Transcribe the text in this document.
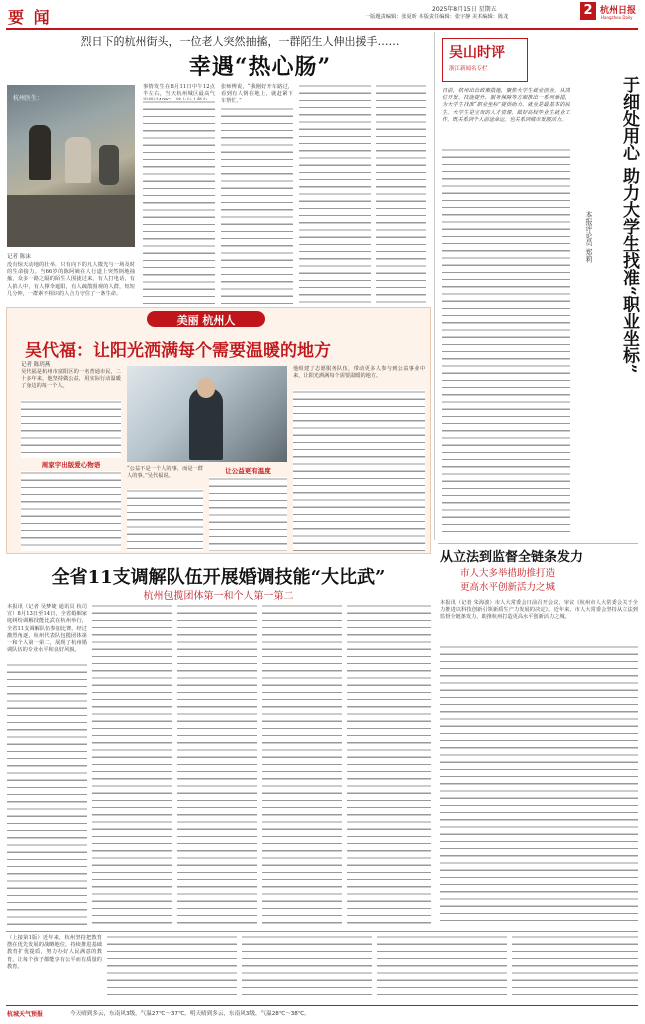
要 闻	2025年8月15日 星期五
一版题责编辑：张夏昕 本版责任编辑：张宇静 美术编辑：陈龙	2 杭州日报
Hangzhou Daily
烈日下的杭州街头，一位老人突然抽搐，一群陌生人伸出援手……
幸遇“热心肠”
杭州医生：
记者 陈沫
没有惊天动地的壮举，只有向下的凡人微光与一场及时的生命接力。当66岁的陈阿姨在人行道上突然倒地抽搐，众多一路之隔的陌生人围拢过来，有人打电话，有人掐人中，有人撑伞遮阳，有人疏散围观的人群，短短几分钟，一群素不相识的人合力守住了一条生命。
事情发生在8月11日中午12点半左右，当天杭州城区最高气
张师傅说，“我刚好开车路过，看到有人倒在地上，就赶紧下车帮忙。”
吴山时评
浙江新闻名专栏
日前，杭州出台政策措施，聚焦大学生就业创业，从岗位开发、技能提升、服务保障等方面推出一系列举措，为大学生找准“职业坐标”提供助力。就业是最基本的民生。大学生是宝贵的人才资源，做好高校毕业生就业工作，既关系到个人前途命运，也关系到城市发展活力。	于细处用心 助力大学生找准“职业坐标”
本报评论员 郑莉
美丽 杭州人
吴代福：让阳光洒满每个需要温暖的地方
记者 陈玥燕
吴代福是杭州市富阳区的一名普通市民，二十多年来，他坚持做公益，用实际行动温暖了身边的每一个人。
周家宇出版爱心物语	“公益不是一个人的事，而是一群人的事。”吴代福说。
让公益更有温度
他组建了志愿服务队伍，带动更多人参与到公益事业中来，让阳光洒满每个需要温暖的地方。
全省11支调解队伍开展婚调技能“大比武”
杭州包揽团体第一和个人第一第二
本报讯（记者 吴梦婕 通讯员 杭司宣）8月13日至14日，全省婚姻家庭纠纷调解技能比武在杭州举行，全省11支调解队伍参加比赛。经过激烈角逐，杭州代表队包揽团体第一和个人第一第二，展现了杭州婚调队伍的专业水平和良好风貌。
从立法到监督全链条发力
市人大多举措助推打造
更高水平创新活力之城
本报讯（记者 朱海波）市人大常委会日前召开会议，审议《杭州市人大常委会关于全力推进以科技创新引领新质生产力发展的决定》。近年来，市人大常委会坚持从立法到监督全链条发力，助推杭州打造更高水平创新活力之城。
（上接第1版）近年来，杭州坚持把教育摆在优先发展的战略地位，持续推进基础教育扩优提质，努力办好人民满意的教育，让每个孩子都能享有公平而有质量的教育。
杭城天气预报	今天晴到多云，东南风3级，气温27℃～37℃。明天晴到多云，东南风3级，气温28℃～38℃。
